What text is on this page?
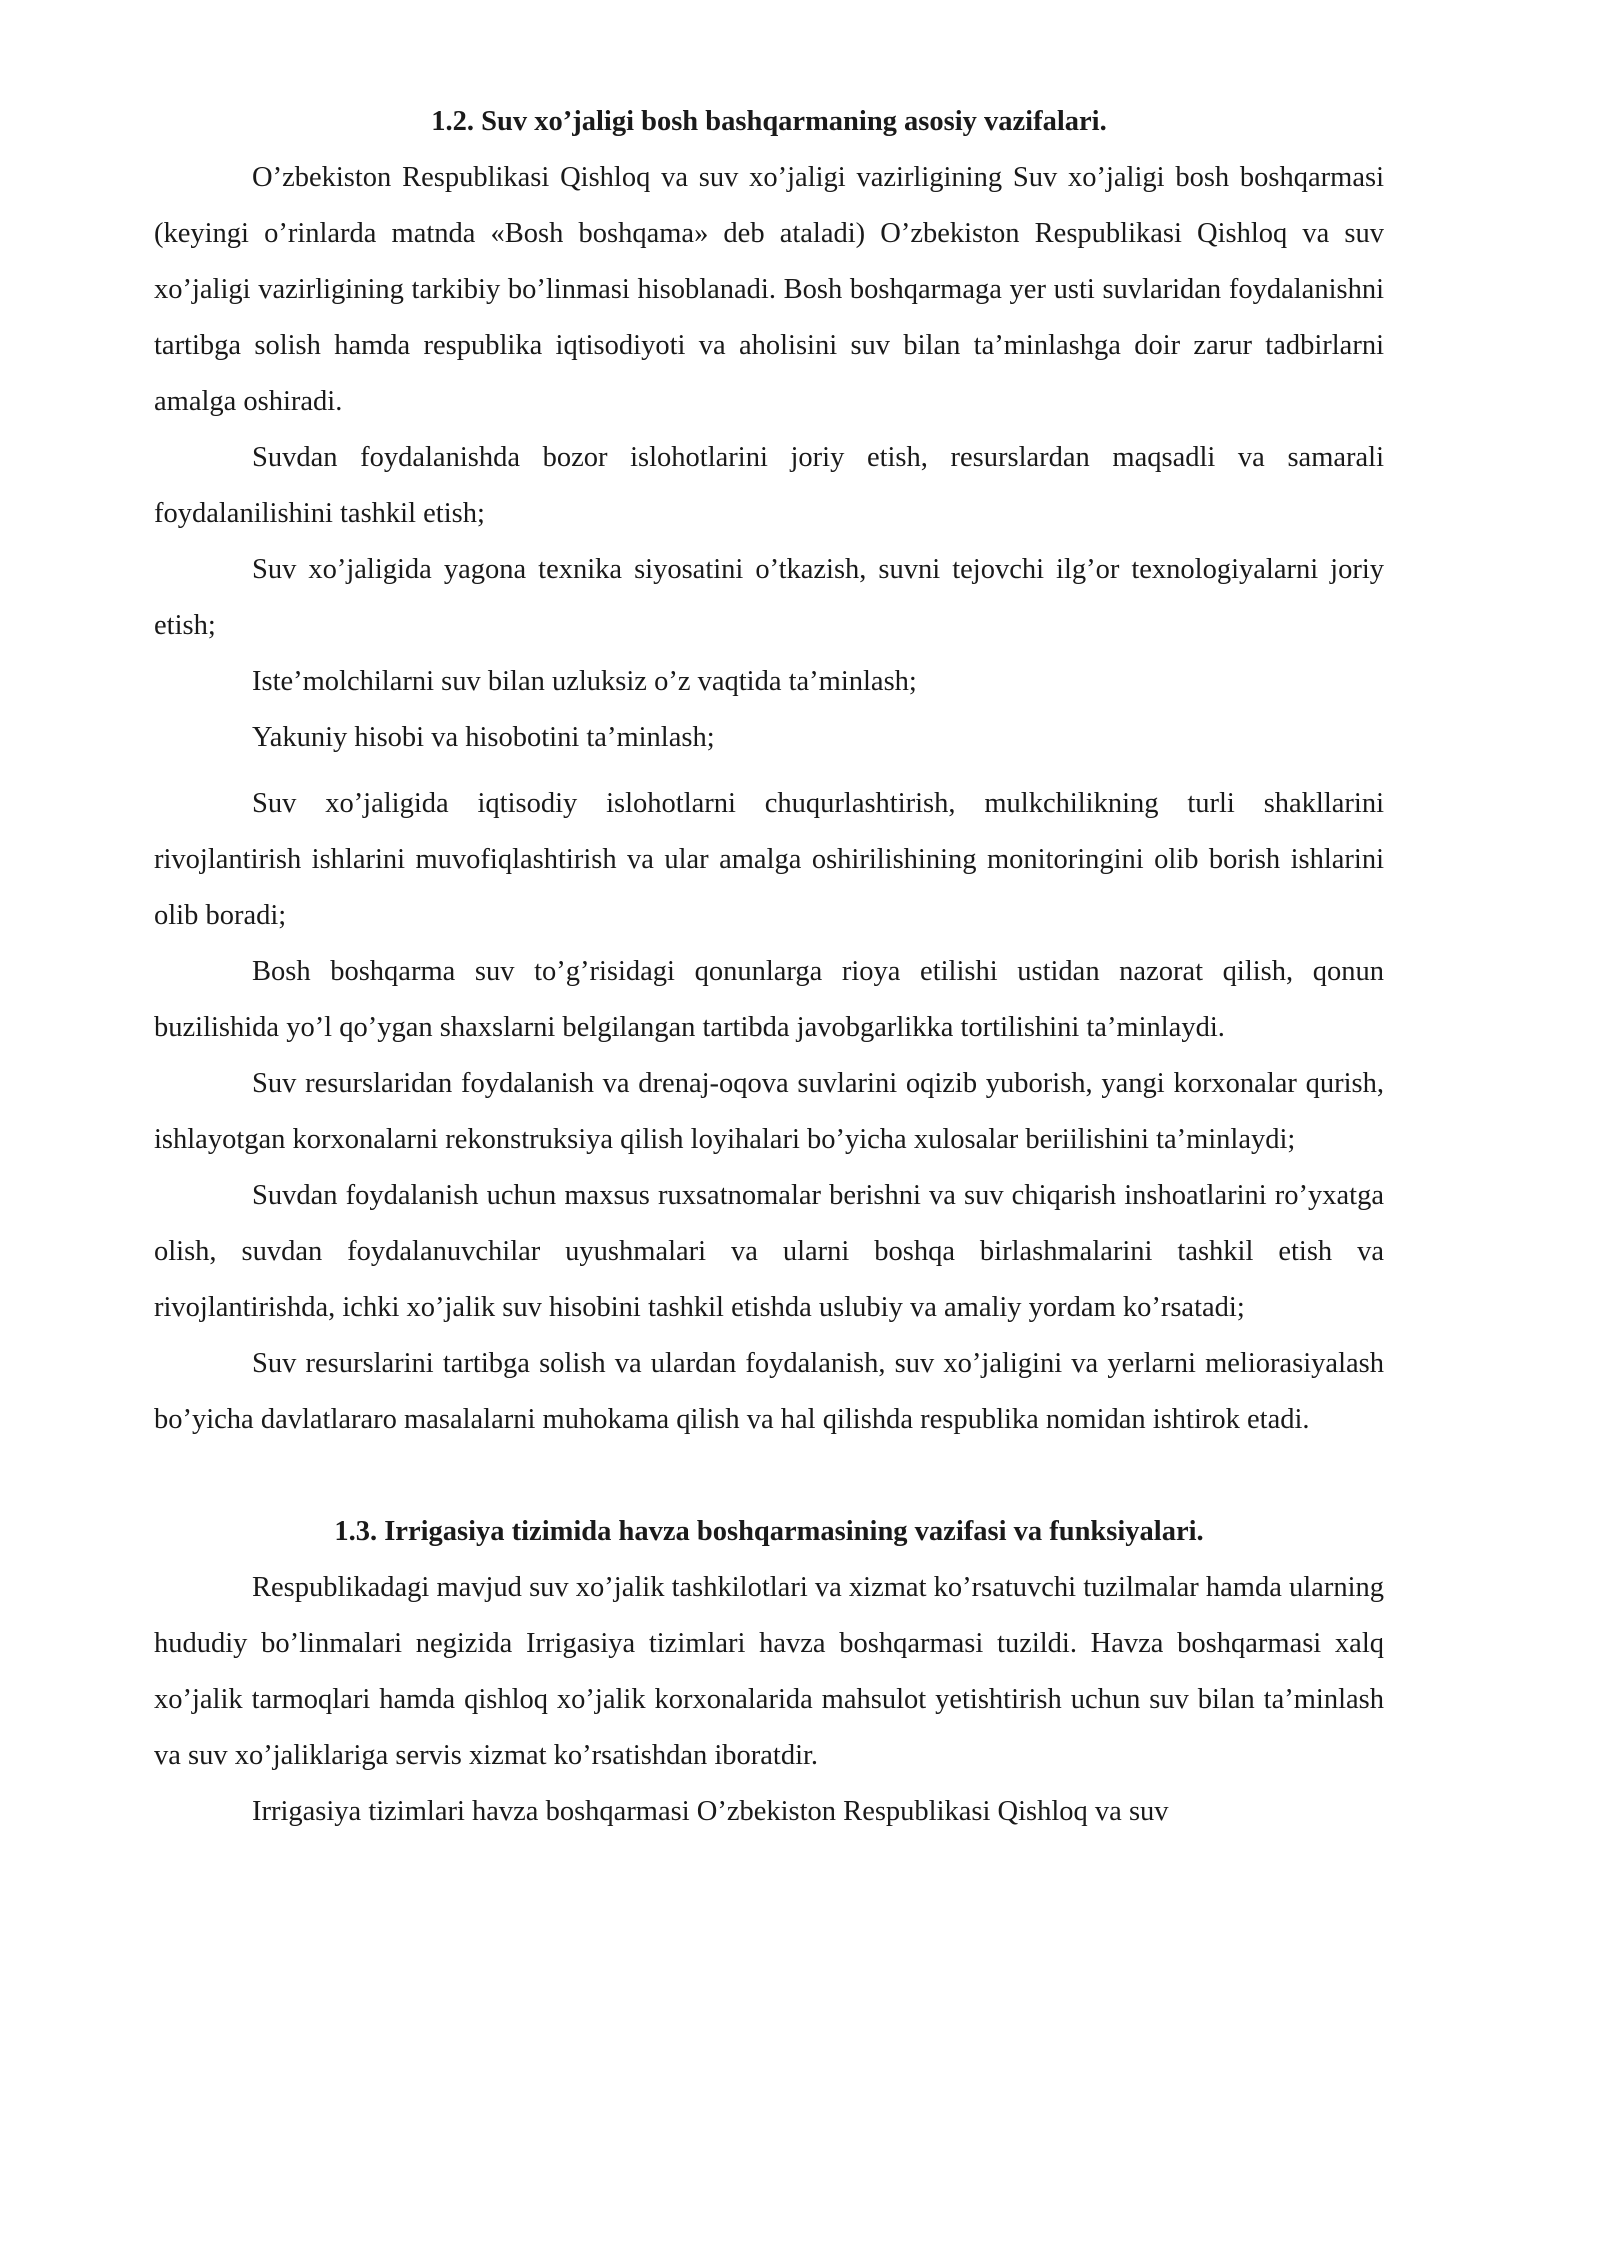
1.2. Suv xo’jaligi bosh bashqarmaning asosiy vazifalari.

O’zbekiston Respublikasi Qishloq va suv xo’jaligi vazirligining Suv xo’jaligi bosh boshqarmasi (keyingi o’rinlarda matnda «Bosh boshqama» deb ataladi) O’zbekiston Respublikasi Qishloq va suv xo’jaligi vazirligining tarkibiy bo’linmasi hisoblanadi. Bosh boshqarmaga yer usti suvlaridan foydalanishni tartibga solish hamda respublika iqtisodiyoti va aholisini suv bilan ta’minlashga doir zarur tadbirlarni amalga oshiradi.

Suvdan foydalanishda bozor islohotlarini joriy etish, resurslardan maqsadli va samarali foydalanilishini tashkil etish;

Suv xo’jaligida yagona texnika siyosatini o’tkazish, suvni tejovchi ilg’or texnologiyalarni joriy etish;

Iste’molchilarni suv bilan uzluksiz o’z vaqtida ta’minlash;

Yakuniy hisobi va hisobotini ta’minlash;

Suv xo’jaligida iqtisodiy islohotlarni chuqurlashtirish, mulkchilikning turli shakllarini rivojlantirish ishlarini muvofiqlashtirish va ular amalga oshirilishining monitoringini olib borish ishlarini olib boradi;

Bosh boshqarma suv to’g’risidagi qonunlarga rioya etilishi ustidan nazorat qilish, qonun buzilishida yo’l qo’ygan shaxslarni belgilangan tartibda javobgarlikka tortilishini ta’minlaydi.

Suv resurslaridan foydalanish va drenaj-oqova suvlarini oqizib yuborish, yangi korxonalar qurish, ishlayotgan korxonalarni rekonstruksiya qilish loyihalari bo’yicha xulosalar beriilishini ta’minlaydi;

Suvdan foydalanish uchun maxsus ruxsatnomalar berishni va suv chiqarish inshoatlarini ro’yxatga olish, suvdan foydalanuvchilar uyushmalari va ularni boshqa birlashmalarini tashkil etish va rivojlantirishda, ichki xo’jalik suv hisobini tashkil etishda uslubiy va amaliy yordam ko’rsatadi;

Suv resurslarini tartibga solish va ulardan foydalanish, suv xo’jaligini va yerlarni meliorasiyalash bo’yicha davlatlararo masalalarni muhokama qilish va hal qilishda respublika nomidan ishtirok etadi.

1.3. Irrigasiya tizimida havza boshqarmasining vazifasi va funksiyalari.

Respublikadagi mavjud suv xo’jalik tashkilotlari va xizmat ko’rsatuvchi tuzilmalar hamda ularning hududiy bo’linmalari negizida Irrigasiya tizimlari havza boshqarmasi tuzildi. Havza boshqarmasi xalq xo’jalik tarmoqlari hamda qishloq xo’jalik korxonalarida mahsulot yetishtirish uchun suv bilan ta’minlash va suv xo’jaliklariga servis xizmat ko’rsatishdan iboratdir.

Irrigasiya tizimlari havza boshqarmasi O’zbekiston Respublikasi Qishloq va suv
